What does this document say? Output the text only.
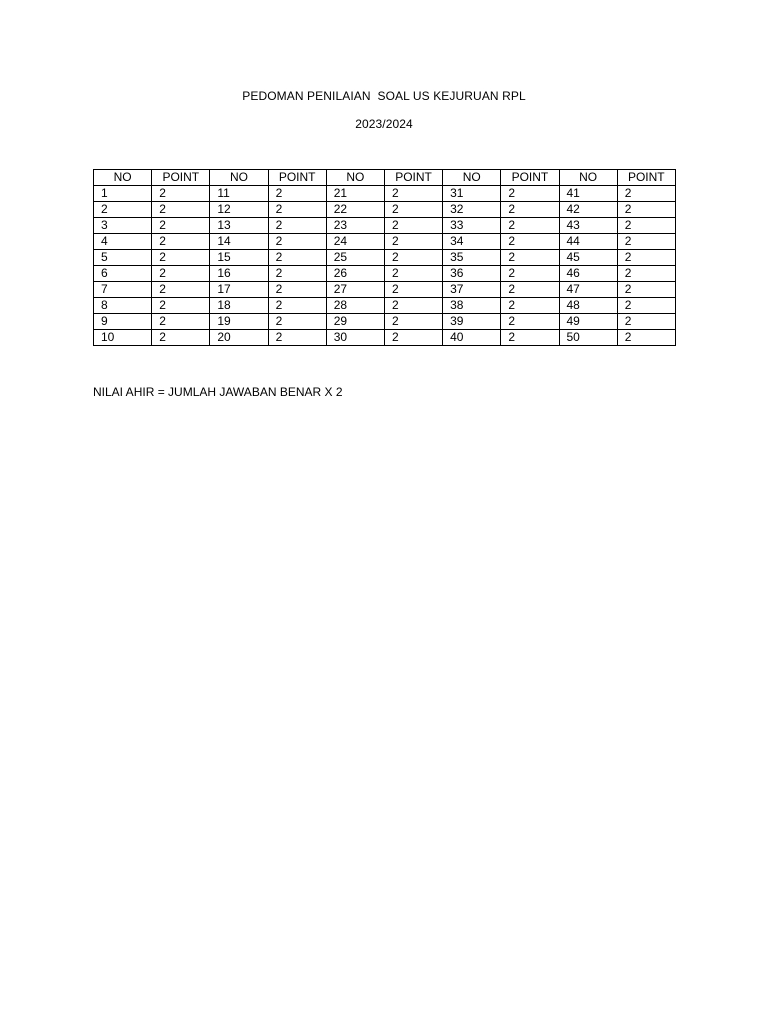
PEDOMAN PENILAIAN  SOAL US KEJURUAN RPL
2023/2024
NO	POINT	NO	POINT	NO	POINT	NO	POINT	NO	POINT
1	2	11	2	21	2	31	2	41	2
2	2	12	2	22	2	32	2	42	2
3	2	13	2	23	2	33	2	43	2
4	2	14	2	24	2	34	2	44	2
5	2	15	2	25	2	35	2	45	2
6	2	16	2	26	2	36	2	46	2
7	2	17	2	27	2	37	2	47	2
8	2	18	2	28	2	38	2	48	2
9	2	19	2	29	2	39	2	49	2
10	2	20	2	30	2	40	2	50	2
NILAI AHIR = JUMLAH JAWABAN BENAR X 2
